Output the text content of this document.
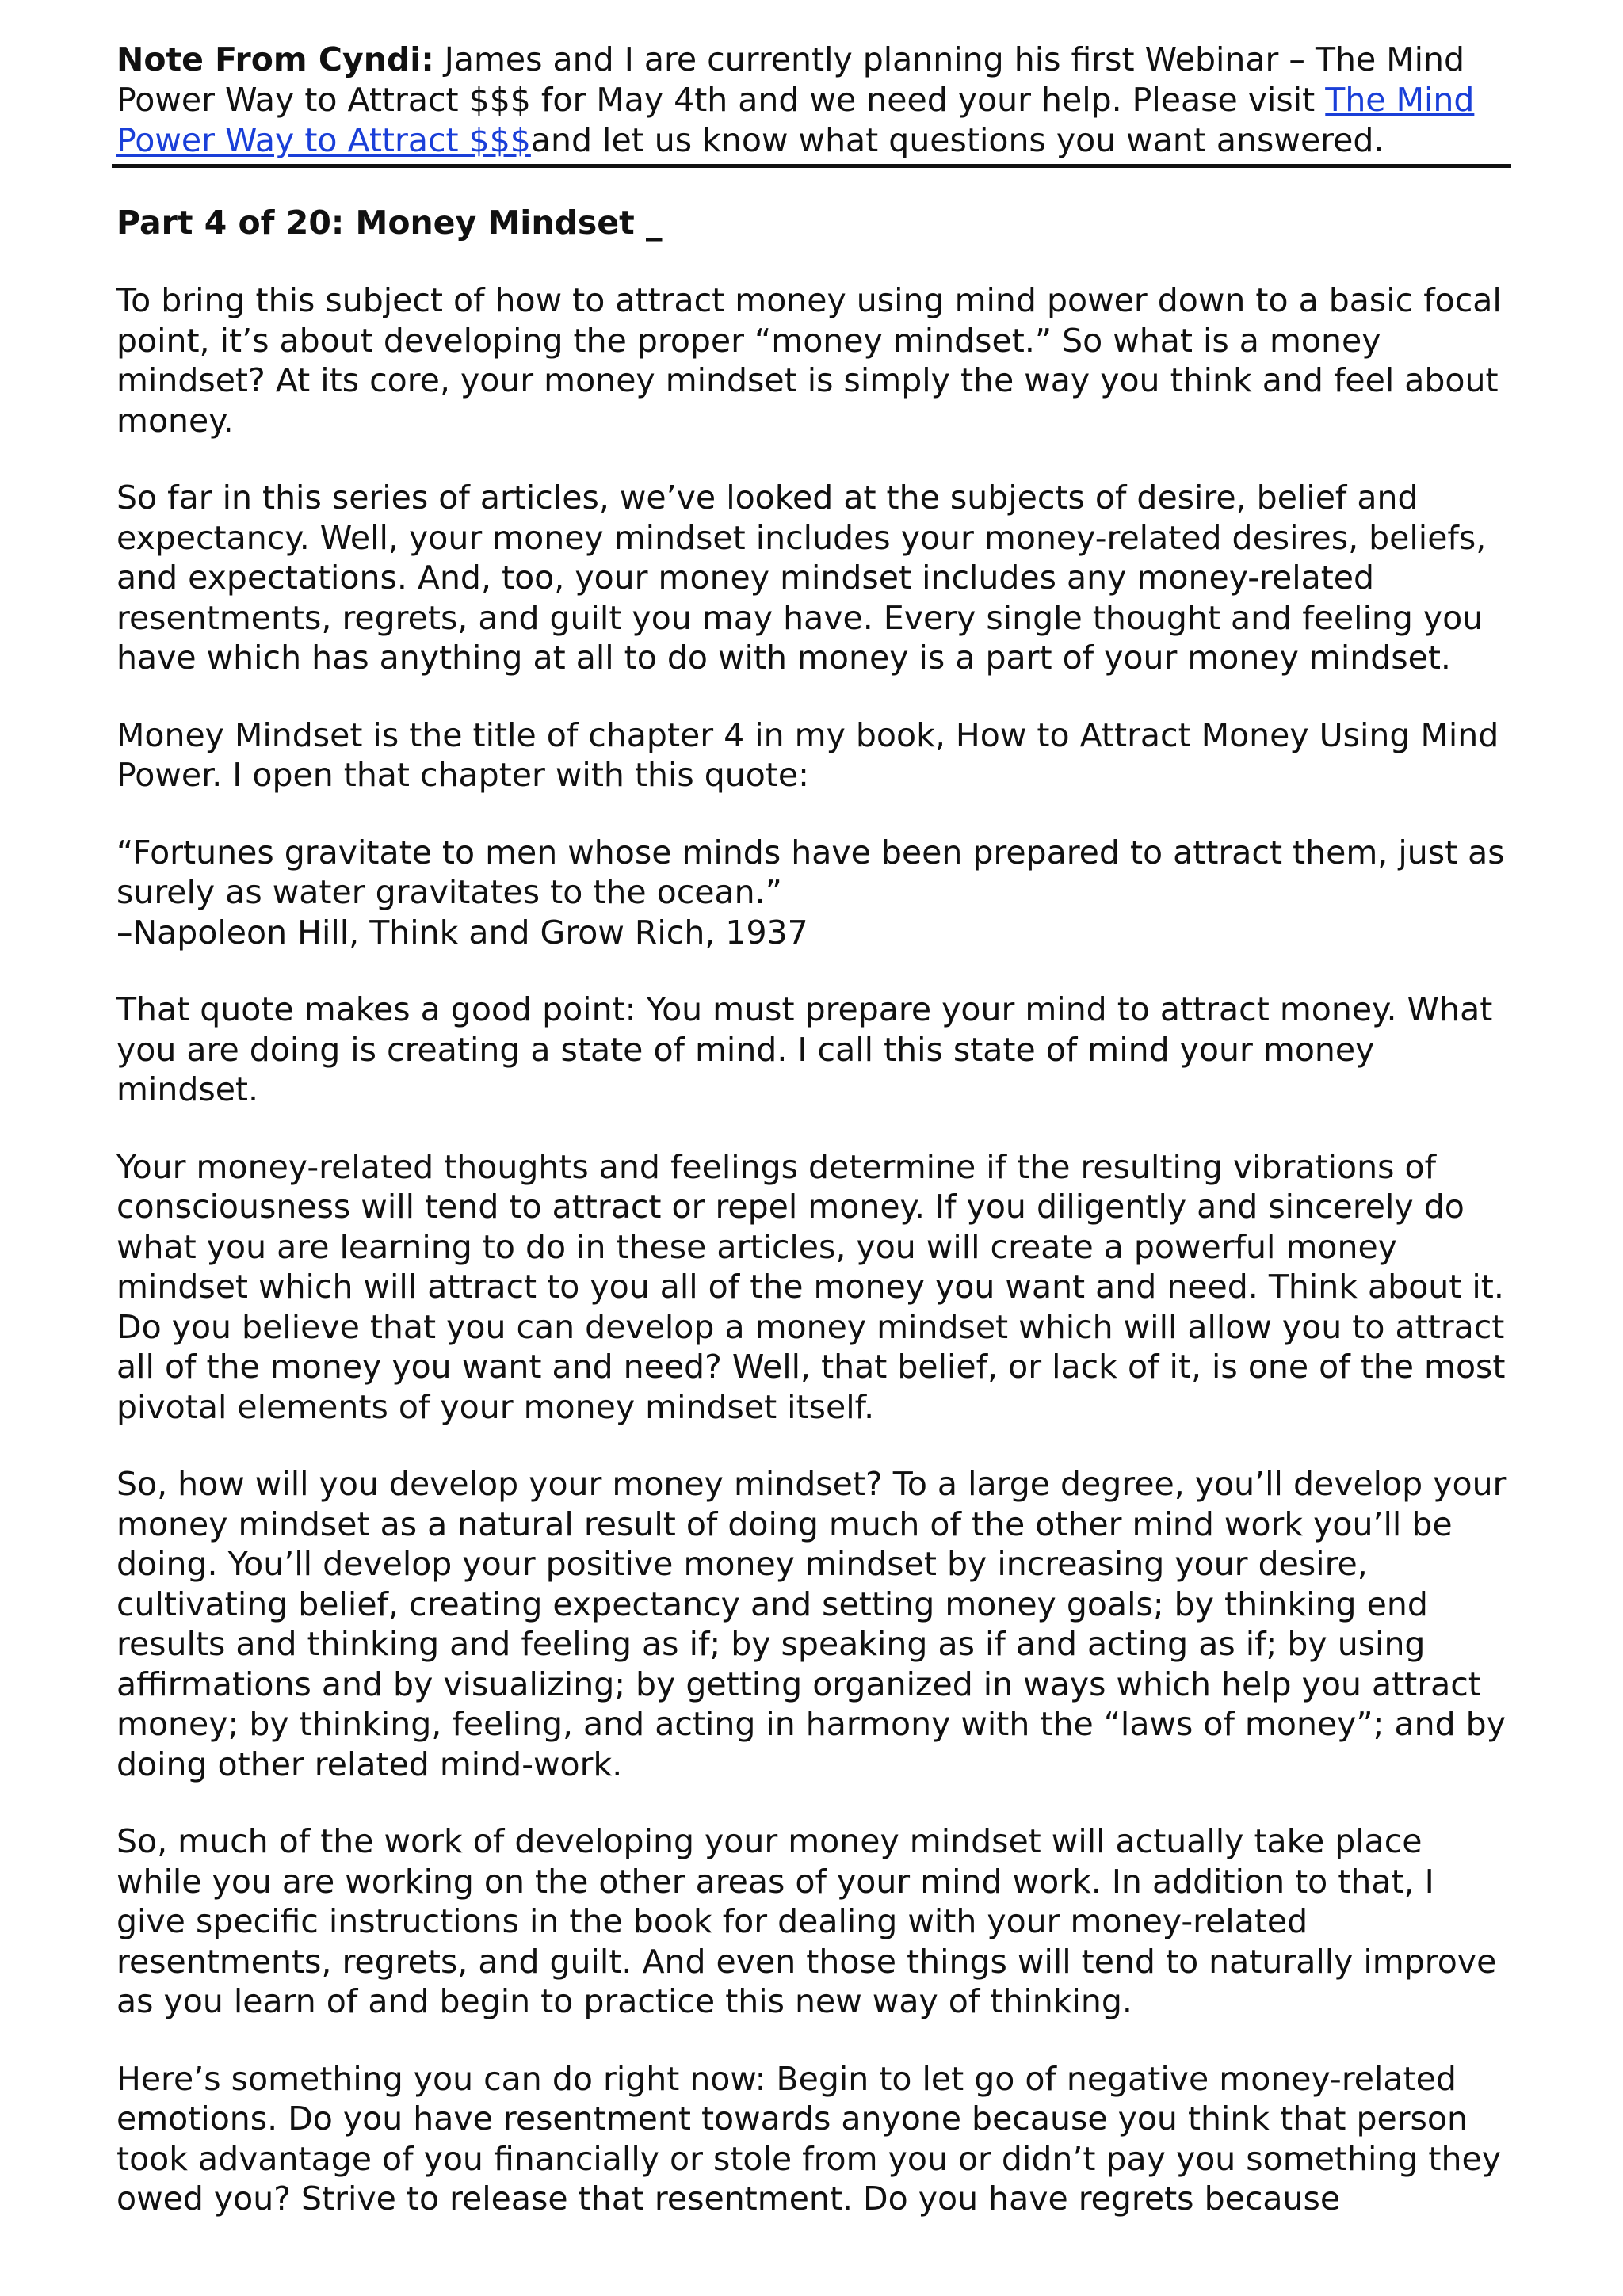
Note From Cyndi: James and I are currently planning his first Webinar – The Mind Power Way to Attract $$$ for May 4th and we need your help. Please visit The Mind Power Way to Attract $$$and let us know what questions you want answered.

Part 4 of 20: Money Mindset _

To bring this subject of how to attract money using mind power down to a basic focal point, it’s about developing the proper “money mindset.” So what is a money mindset? At its core, your money mindset is simply the way you think and feel about money.

So far in this series of articles, we’ve looked at the subjects of desire, belief and expectancy. Well, your money mindset includes your money-related desires, beliefs, and expectations. And, too, your money mindset includes any money-related resentments, regrets, and guilt you may have. Every single thought and feeling you have which has anything at all to do with money is a part of your money mindset.

Money Mindset is the title of chapter 4 in my book, How to Attract Money Using Mind Power. I open that chapter with this quote:

“Fortunes gravitate to men whose minds have been prepared to attract them, just as surely as water gravitates to the ocean.”
–Napoleon Hill, Think and Grow Rich, 1937

That quote makes a good point: You must prepare your mind to attract money. What you are doing is creating a state of mind. I call this state of mind your money mindset.

Your money-related thoughts and feelings determine if the resulting vibrations of consciousness will tend to attract or repel money. If you diligently and sincerely do what you are learning to do in these articles, you will create a powerful money mindset which will attract to you all of the money you want and need. Think about it. Do you believe that you can develop a money mindset which will allow you to attract all of the money you want and need? Well, that belief, or lack of it, is one of the most pivotal elements of your money mindset itself.

So, how will you develop your money mindset? To a large degree, you’ll develop your money mindset as a natural result of doing much of the other mind work you’ll be doing. You’ll develop your positive money mindset by increasing your desire, cultivating belief, creating expectancy and setting money goals; by thinking end results and thinking and feeling as if; by speaking as if and acting as if; by using affirmations and by visualizing; by getting organized in ways which help you attract money; by thinking, feeling, and acting in harmony with the “laws of money”; and by doing other related mind-work.

So, much of the work of developing your money mindset will actually take place while you are working on the other areas of your mind work. In addition to that, I give specific instructions in the book for dealing with your money-related resentments, regrets, and guilt. And even those things will tend to naturally improve as you learn of and begin to practice this new way of thinking.

Here’s something you can do right now: Begin to let go of negative money-related emotions. Do you have resentment towards anyone because you think that person took advantage of you financially or stole from you or didn’t pay you something they owed you? Strive to release that resentment. Do you have regrets because
